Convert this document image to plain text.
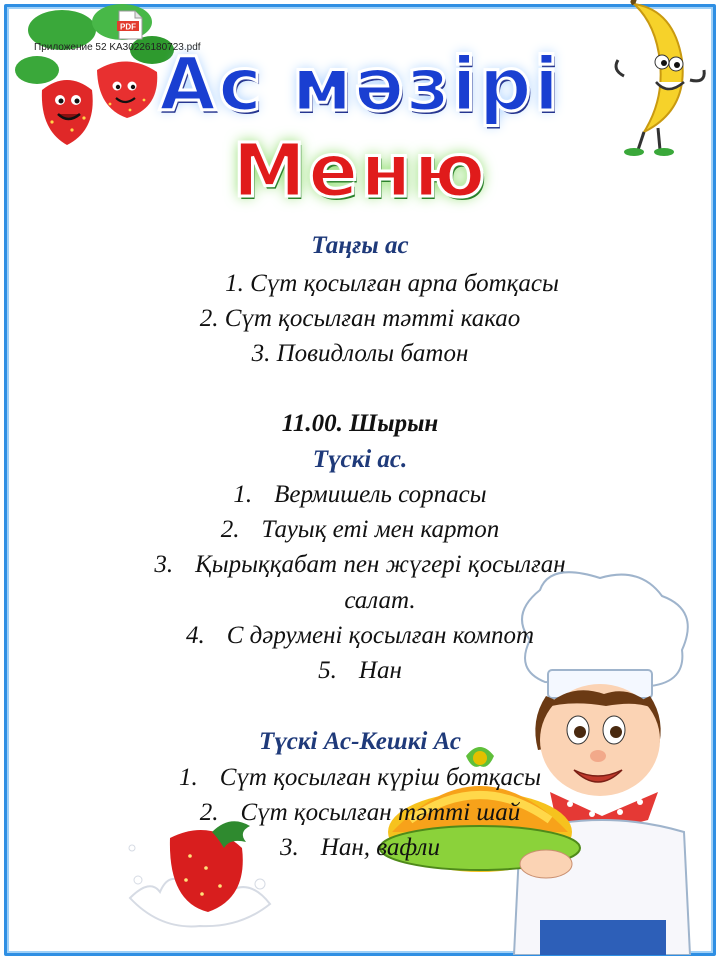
PDF
Приложение 52 KA30226180723.pdf
Ас мәзірі
Меню
Таңғы ас
1. Сүт қосылған арпа ботқасы
2. Сүт қосылған тәтті какао
3. Повидлолы батон
11.00. Шырын
Түскі ас.
1. Вермишель сорпасы
2. Тауық еті мен картоп
3. Қырыққабат пен жүгері қосылған
салат.
4. С дәрумені қосылған компот
5. Нан
Түскі Ас-Кешкі Ас
1. Сүт қосылған күріш ботқасы
2. Сүт қосылған тәтті шай
3. Нан, вафли
